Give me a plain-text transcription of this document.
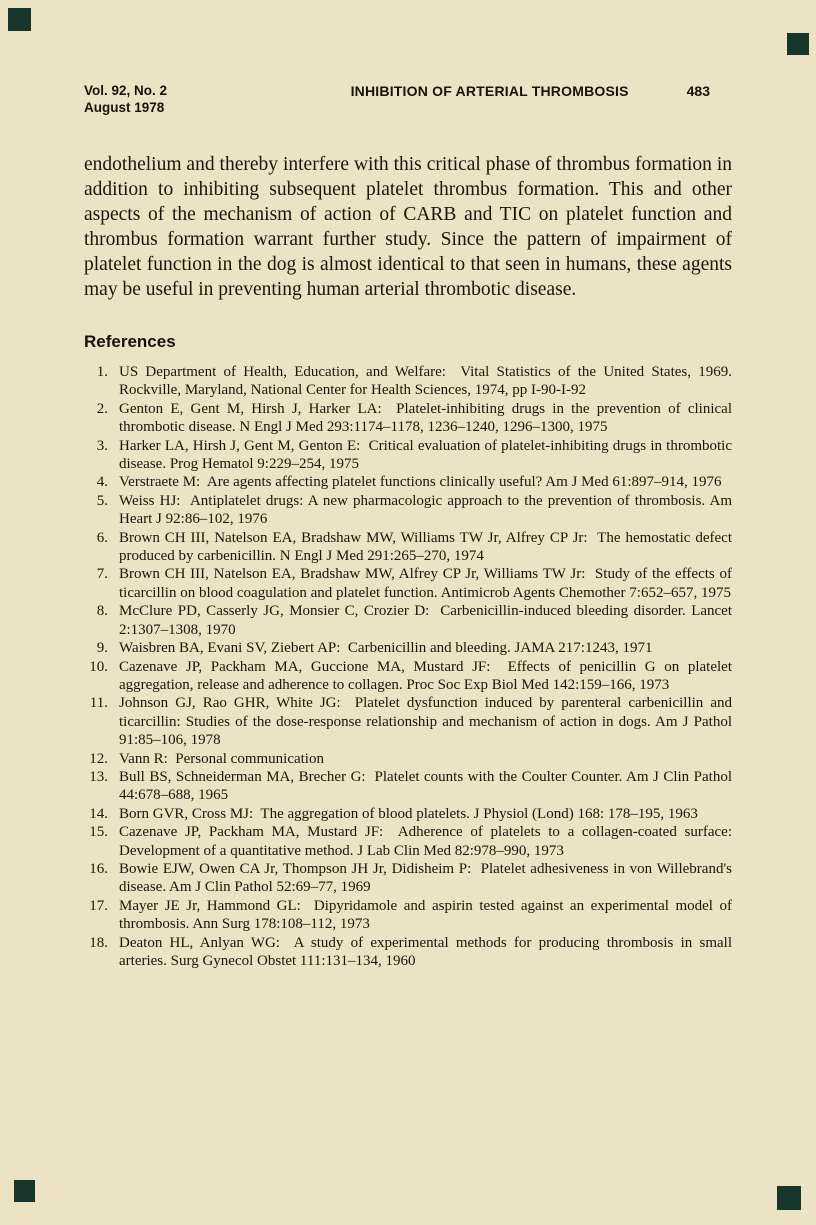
Vol. 92, No. 2
August 1978
INHIBITION OF ARTERIAL THROMBOSIS	483
endothelium and thereby interfere with this critical phase of thrombus formation in addition to inhibiting subsequent platelet thrombus formation. This and other aspects of the mechanism of action of CARB and TIC on platelet function and thrombus formation warrant further study. Since the pattern of impairment of platelet function in the dog is almost identical to that seen in humans, these agents may be useful in preventing human arterial thrombotic disease.
References
1. US Department of Health, Education, and Welfare:  Vital Statistics of the United States, 1969. Rockville, Maryland, National Center for Health Sciences, 1974, pp I-90-I-92
2. Genton E, Gent M, Hirsh J, Harker LA:  Platelet-inhibiting drugs in the prevention of clinical thrombotic disease. N Engl J Med 293:1174–1178, 1236–1240, 1296–1300, 1975
3. Harker LA, Hirsh J, Gent M, Genton E:  Critical evaluation of platelet-inhibiting drugs in thrombotic disease. Prog Hematol 9:229–254, 1975
4. Verstraete M:  Are agents affecting platelet functions clinically useful? Am J Med 61:897–914, 1976
5. Weiss HJ:  Antiplatelet drugs: A new pharmacologic approach to the prevention of thrombosis. Am Heart J 92:86–102, 1976
6. Brown CH III, Natelson EA, Bradshaw MW, Williams TW Jr, Alfrey CP Jr:  The hemostatic defect produced by carbenicillin. N Engl J Med 291:265–270, 1974
7. Brown CH III, Natelson EA, Bradshaw MW, Alfrey CP Jr, Williams TW Jr:  Study of the effects of ticarcillin on blood coagulation and platelet function. Antimicrob Agents Chemother 7:652–657, 1975
8. McClure PD, Casserly JG, Monsier C, Crozier D:  Carbenicillin-induced bleeding disorder. Lancet 2:1307–1308, 1970
9. Waisbren BA, Evani SV, Ziebert AP:  Carbenicillin and bleeding. JAMA 217:1243, 1971
10. Cazenave JP, Packham MA, Guccione MA, Mustard JF:  Effects of penicillin G on platelet aggregation, release and adherence to collagen. Proc Soc Exp Biol Med 142:159–166, 1973
11. Johnson GJ, Rao GHR, White JG:  Platelet dysfunction induced by parenteral carbenicillin and ticarcillin: Studies of the dose-response relationship and mechanism of action in dogs. Am J Pathol 91:85–106, 1978
12. Vann R:  Personal communication
13. Bull BS, Schneiderman MA, Brecher G:  Platelet counts with the Coulter Counter. Am J Clin Pathol 44:678–688, 1965
14. Born GVR, Cross MJ:  The aggregation of blood platelets. J Physiol (Lond) 168: 178–195, 1963
15. Cazenave JP, Packham MA, Mustard JF:  Adherence of platelets to a collagen-coated surface: Development of a quantitative method. J Lab Clin Med 82:978–990, 1973
16. Bowie EJW, Owen CA Jr, Thompson JH Jr, Didisheim P:  Platelet adhesiveness in von Willebrand's disease. Am J Clin Pathol 52:69–77, 1969
17. Mayer JE Jr, Hammond GL:  Dipyridamole and aspirin tested against an experimental model of thrombosis. Ann Surg 178:108–112, 1973
18. Deaton HL, Anlyan WG:  A study of experimental methods for producing thrombosis in small arteries. Surg Gynecol Obstet 111:131–134, 1960
